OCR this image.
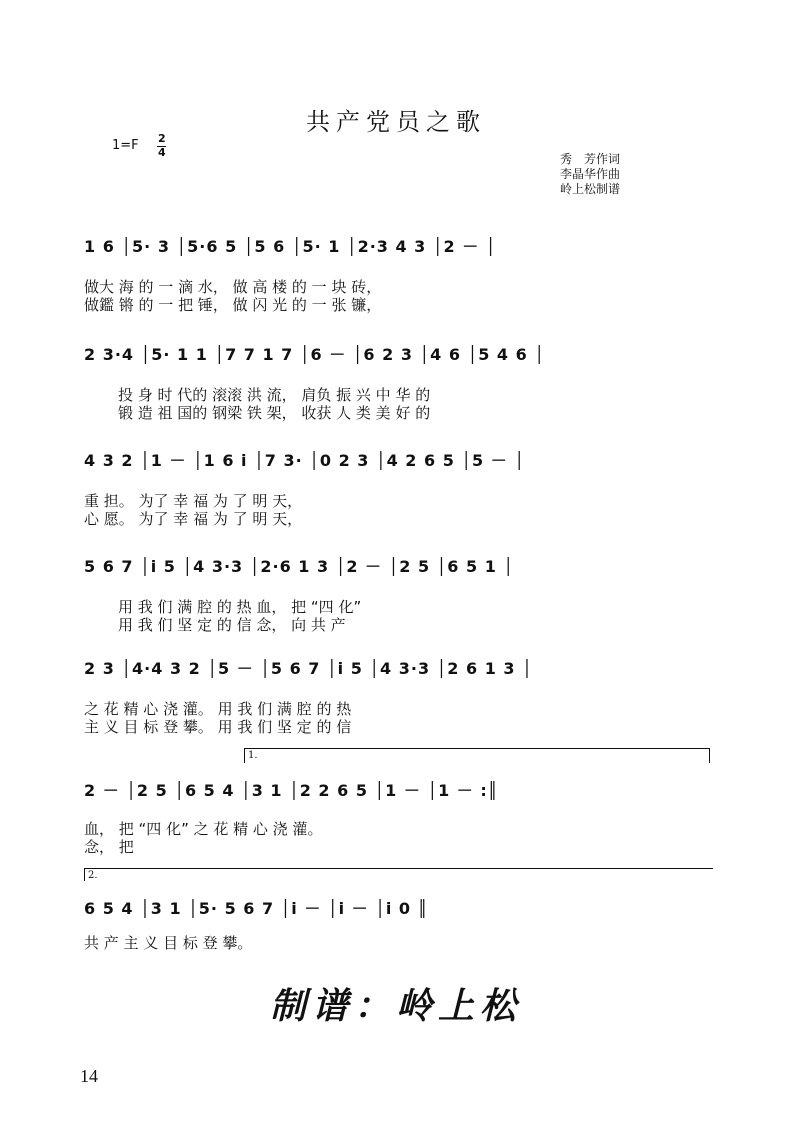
共产党员之歌
1=F 2
4	秀　芳作词
李晶华作曲
岭上松制谱
1 6 │5· 3 │5·6 5 │5 6 │5· 1 │2·3 4 3 │2 － │
做大 海 的 一 滴 水， 做 高 楼 的 一 块 砖，
做鑑 锵 的 一 把 锤， 做 闪 光 的 一 张 镰，
2 3·4 │5· 1 1 │7 7 1 7 │6 － │6 2 3 │4 6 │5 4 6 │
投 身 时 代的 滚滚 洪 流， 肩负 振 兴 中 华 的
锻 造 祖 国的 钢梁 铁 架， 收获 人 类 美 好 的
4 3 2 │1 － │1 6 i │7 3· │0 2 3 │4 2 6 5 │5 － │
重 担。 为了 幸 福 为 了 明 天，
心 愿。 为了 幸 福 为 了 明 天，
5 6 7 │i 5 │4 3·3 │2·6 1 3 │2 － │2 5 │6 5 1 │
用 我 们 满 腔 的 热 血， 把 “四 化”
用 我 们 坚 定 的 信 念， 向 共 产
2 3 │4·4 3 2 │5 － │5 6 7 │i 5 │4 3·3 │2 6 1 3 │
之 花 精 心 浇 灌。 用 我 们 满 腔 的 热
主 义 目 标 登 攀。 用 我 们 坚 定 的 信
1.
2 － │2 5 │6 5 4 │3 1 │2 2 6 5 │1 － │1 － :║
血， 把 “四 化” 之 花 精 心 浇 灌。
念， 把
2.
6 5 4 │3 1 │5· 5 6 7 │i － │i － │i 0 ║
共 产 主 义 目 标 登 攀。
制谱：岭上松
14
